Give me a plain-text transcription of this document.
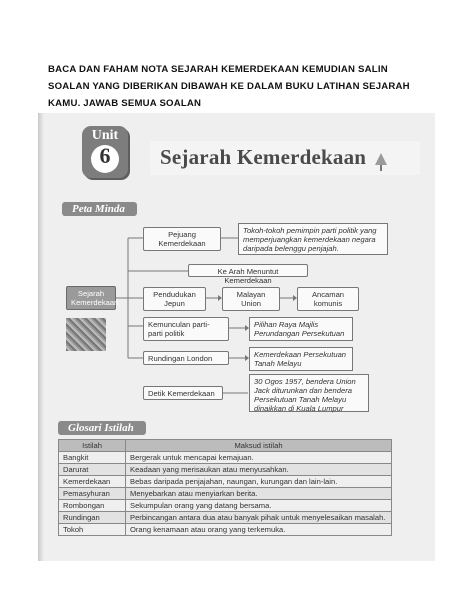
BACA DAN FAHAM NOTA SEJARAH KEMERDEKAAN KEMUDIAN SALIN
SOALAN YANG DIBERIKAN DIBAWAH KE DALAM BUKU LATIHAN SEJARAH
KAMU. JAWAB SEMUA SOALAN
Unit
6	Sejarah Kemerdekaan
Peta Minda
Pejuang Kemerdekaan
Tokoh-tokoh pemimpin parti politik yang memperjuangkan kemerdekaan negara daripada belenggu penjajah.
Ke Arah Menuntut Kemerdekaan
Sejarah Kemerdekaan
Pendudukan Jepun
Malayan Union
Ancaman komunis
Kemunculan parti-parti politik
Pilihan Raya Majlis Perundangan Persekutuan
Rundingan London	Kemerdekaan Persekutuan Tanah Melayu
Detik Kemerdekaan
30 Ogos 1957, bendera Union Jack diturunkan dan bendera Persekutuan Tanah Melayu dinaikkan di Kuala Lumpur
Glosari Istilah
Istilah	Maksud istilah
Bangkit	Bergerak untuk mencapai kemajuan.
Darurat	Keadaan yang merisaukan atau menyusahkan.
Kemerdekaan	Bebas daripada penjajahan, naungan, kurungan dan lain-lain.
Pemasyhuran	Menyebarkan atau menyiarkan berita.
Rombongan	Sekumpulan orang yang datang bersama.
Rundingan	Perbincangan antara dua atau banyak pihak untuk menyelesaikan masalah.
Tokoh	Orang kenamaan atau orang yang terkemuka.
